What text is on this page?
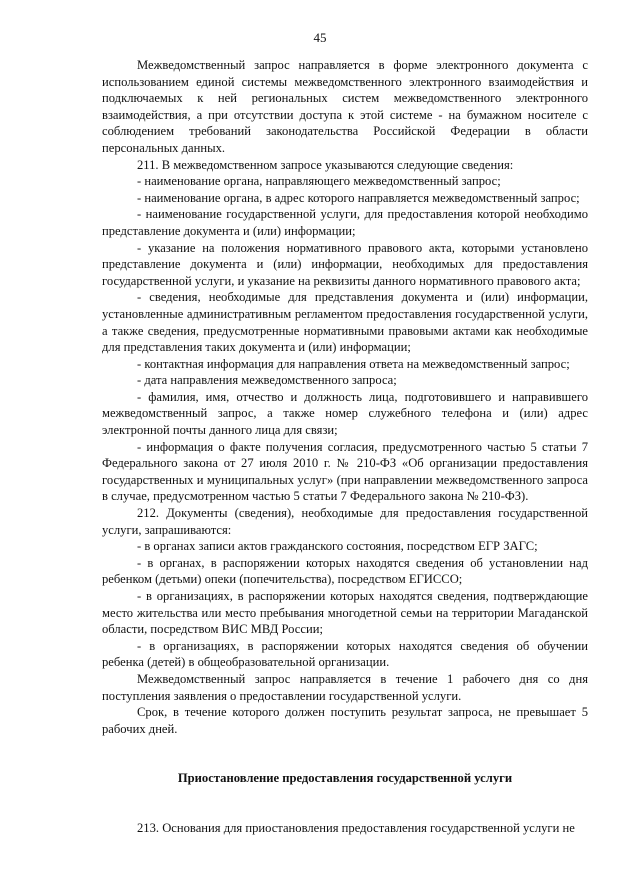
45

Межведомственный запрос направляется в форме электронного документа с использованием единой системы межведомственного электронного взаимодействия и подключаемых к ней региональных систем межведомственного электронного взаимодействия, а при отсутствии доступа к этой системе - на бумажном носителе с соблюдением требований законодательства Российской Федерации в области персональных данных.

211. В межведомственном запросе указываются следующие сведения:

- наименование органа, направляющего межведомственный запрос;

- наименование органа, в адрес которого направляется межведомственный запрос;

- наименование государственной услуги, для предоставления которой необходимо представление документа и (или) информации;

- указание на положения нормативного правового акта, которыми установлено представление документа и (или) информации, необходимых для предоставления государственной услуги, и указание на реквизиты данного нормативного правового акта;

- сведения, необходимые для представления документа и (или) информации, установленные административным регламентом предоставления государственной услуги, а также сведения, предусмотренные нормативными правовыми актами как необходимые для представления таких документа и (или) информации;

- контактная информация для направления ответа на межведомственный запрос;

- дата направления межведомственного запроса;

- фамилия, имя, отчество и должность лица, подготовившего и направившего межведомственный запрос, а также номер служебного телефона и (или) адрес электронной почты данного лица для связи;

- информация о факте получения согласия, предусмотренного частью 5 статьи 7 Федерального закона от 27 июля 2010 г. № 210-ФЗ «Об организации предоставления государственных и муниципальных услуг» (при направлении межведомственного запроса в случае, предусмотренном частью 5 статьи 7 Федерального закона № 210-ФЗ).

212. Документы (сведения), необходимые для предоставления государственной услуги, запрашиваются:

- в органах записи актов гражданского состояния, посредством ЕГР ЗАГС;

- в органах, в распоряжении которых находятся сведения об установлении над ребенком (детьми) опеки (попечительства), посредством ЕГИССО;

- в организациях, в распоряжении которых находятся сведения, подтверждающие место жительства или место пребывания многодетной семьи на территории Магаданской области, посредством ВИС МВД России;

- в организациях, в распоряжении которых находятся сведения об обучении ребенка (детей) в общеобразовательной организации.

Межведомственный запрос направляется в течение 1 рабочего дня со дня поступления заявления о предоставлении государственной услуги.

Срок, в течение которого должен поступить результат запроса, не превышает 5 рабочих дней.

Приостановление предоставления государственной услуги

213. Основания для приостановления предоставления государственной услуги не
